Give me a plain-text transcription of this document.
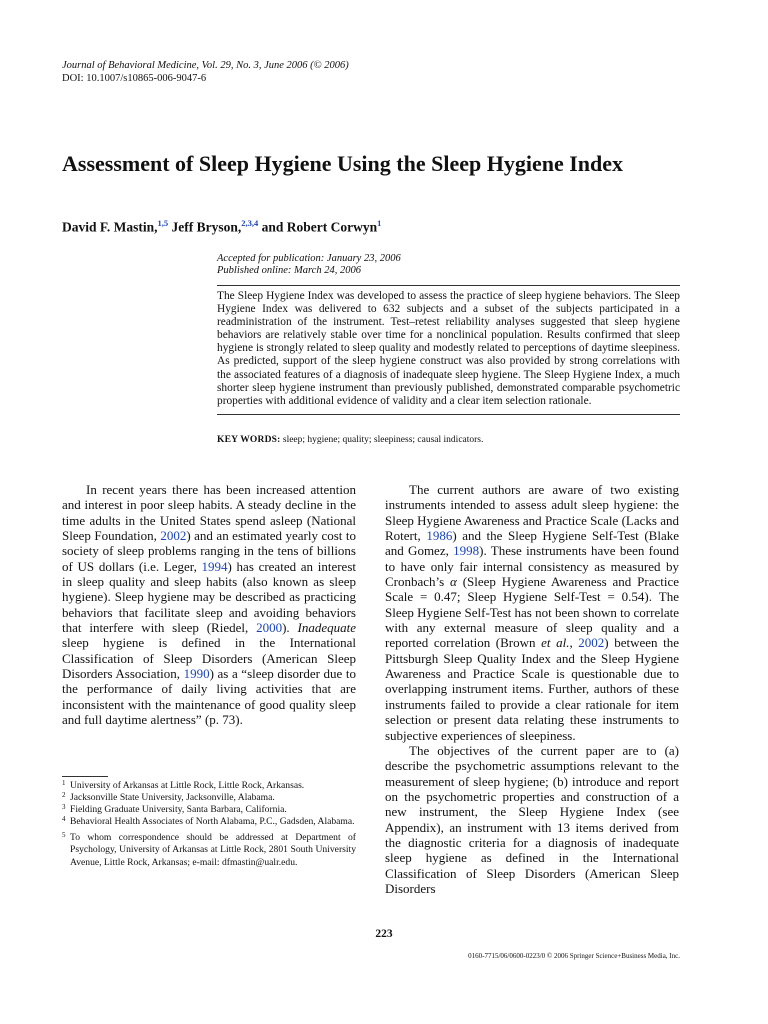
Journal of Behavioral Medicine, Vol. 29, No. 3, June 2006 (© 2006)
DOI: 10.1007/s10865-006-9047-6
Assessment of Sleep Hygiene Using the Sleep Hygiene Index
David F. Mastin,$^{1,5}$ Jeff Bryson,$^{2,3,4}$ and Robert Corwyn$^1$
Accepted for publication: January 23, 2006
Published online: March 24, 2006
The Sleep Hygiene Index was developed to assess the practice of sleep hygiene behaviors. The Sleep Hygiene Index was delivered to 632 subjects and a subset of the subjects participated in a readministration of the instrument. Test–retest reliability analyses suggested that sleep hygiene behaviors are relatively stable over time for a nonclinical population. Results confirmed that sleep hygiene is strongly related to sleep quality and modestly related to perceptions of daytime sleepiness. As predicted, support of the sleep hygiene construct was also provided by strong correlations with the associated features of a diagnosis of inadequate sleep hygiene. The Sleep Hygiene Index, a much shorter sleep hygiene instrument than previously published, demonstrated comparable psychometric properties with additional evidence of validity and a clear item selection rationale.
KEY WORDS: sleep; hygiene; quality; sleepiness; causal indicators.

In recent years there has been increased attention and interest in poor sleep habits. A steady decline in the time adults in the United States spend asleep (National Sleep Foundation, 2002) and an estimated yearly cost to society of sleep problems ranging in the tens of billions of US dollars (i.e. Leger, 1994) has created an interest in sleep quality and sleep habits (also known as sleep hygiene). Sleep hygiene may be described as practicing behaviors that facilitate sleep and avoiding behaviors that interfere with sleep (Riedel, 2000). Inadequate sleep hygiene is defined in the International Classification of Sleep Disorders (American Sleep Disorders Association, 1990) as a “sleep disorder due to the performance of daily living activities that are inconsistent with the maintenance of good quality sleep and full daytime alertness” (p. 73).

1 University of Arkansas at Little Rock, Little Rock, Arkansas.
2 Jacksonville State University, Jacksonville, Alabama.
3 Fielding Graduate University, Santa Barbara, California.
4 Behavioral Health Associates of North Alabama, P.C., Gadsden, Alabama.
5 To whom correspondence should be addressed at Department of Psychology, University of Arkansas at Little Rock, 2801 South University Avenue, Little Rock, Arkansas; e-mail: dfmastin@ualr.edu.

The current authors are aware of two existing instruments intended to assess adult sleep hygiene: the Sleep Hygiene Awareness and Practice Scale (Lacks and Rotert, 1986) and the Sleep Hygiene Self-Test (Blake and Gomez, 1998). These instruments have been found to have only fair internal consistency as measured by Cronbach’s α (Sleep Hygiene Awareness and Practice Scale = 0.47; Sleep Hygiene Self-Test = 0.54). The Sleep Hygiene Self-Test has not been shown to correlate with any external measure of sleep quality and a reported correlation (Brown et al., 2002) between the Pittsburgh Sleep Quality Index and the Sleep Hygiene Awareness and Practice Scale is questionable due to overlapping instrument items. Further, authors of these instruments failed to provide a clear rationale for item selection or present data relating these instruments to subjective experiences of sleepiness.

The objectives of the current paper are to (a) describe the psychometric assumptions relevant to the measurement of sleep hygiene; (b) introduce and report on the psychometric properties and construction of a new instrument, the Sleep Hygiene Index (see Appendix), an instrument with 13 items derived from the diagnostic criteria for a diagnosis of inadequate sleep hygiene as defined in the International Classification of Sleep Disorders (American Sleep Disorders

223
0160-7715/06/0600-0223/0 © 2006 Springer Science+Business Media, Inc.
